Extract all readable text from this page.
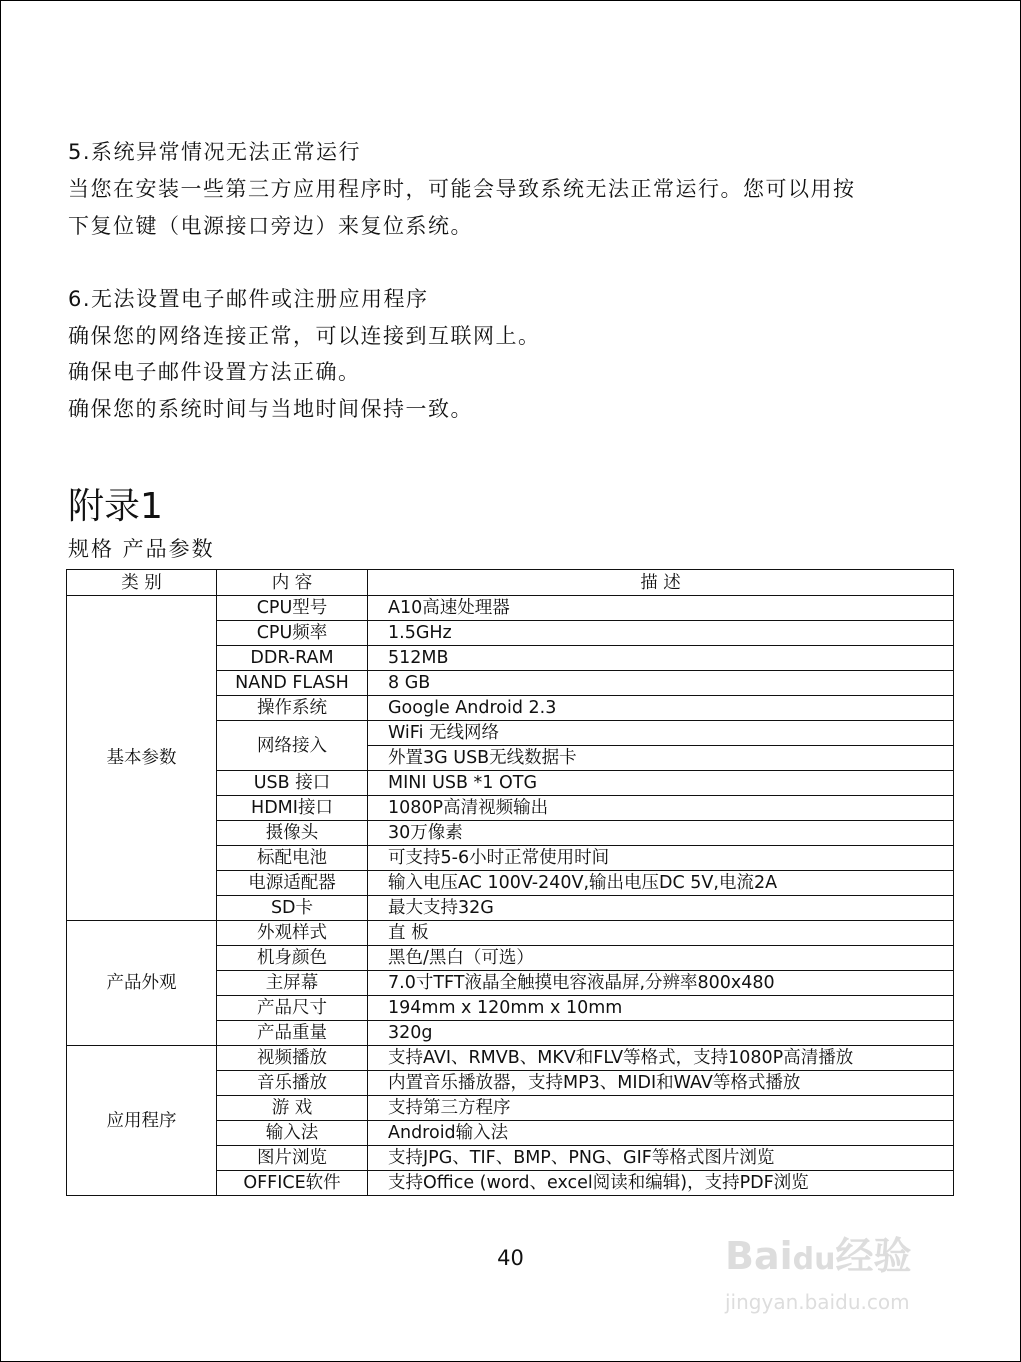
5.系统异常情况无法正常运行
当您在安装一些第三方应用程序时，可能会导致系统无法正常运行。您可以用按
下复位键（电源接口旁边）来复位系统。
6.无法设置电子邮件或注册应用程序
确保您的网络连接正常，可以连接到互联网上。
确保电子邮件设置方法正确。
确保您的系统时间与当地时间保持一致。
附录1
规格 产品参数
类 别	内 容	描 述
基本参数	CPU型号	A10高速处理器
	CPU频率	1.5GHz
	DDR-RAM	512MB
	NAND FLASH	8 GB
	操作系统	Google Android 2.3
	网络接入	WiFi 无线网络
		外置3G USB无线数据卡
	USB 接口	MINI USB *1 OTG
	HDMI接口	1080P高清视频输出
	摄像头	30万像素
	标配电池	可支持5-6小时正常使用时间
	电源适配器	输入电压AC 100V-240V,输出电压DC 5V,电流2A
	SD卡	最大支持32G
产品外观	外观样式	直 板
	机身颜色	黑色/黑白（可选）
	主屏幕	7.0寸TFT液晶全触摸电容液晶屏,分辨率800x480
	产品尺寸	194mm x 120mm x 10mm
	产品重量	320g
应用程序	视频播放	支持AVI、RMVB、MKV和FLV等格式，支持1080P高清播放
	音乐播放	内置音乐播放器，支持MP3、MIDI和WAV等格式播放
	游 戏	支持第三方程序
	输入法	Android输入法
	图片浏览	支持JPG、TIF、BMP、PNG、GIF等格式图片浏览
	OFFICE软件	支持Office (word、excel阅读和编辑)，支持PDF浏览
40	Baidu经验
jingyan.baidu.com
